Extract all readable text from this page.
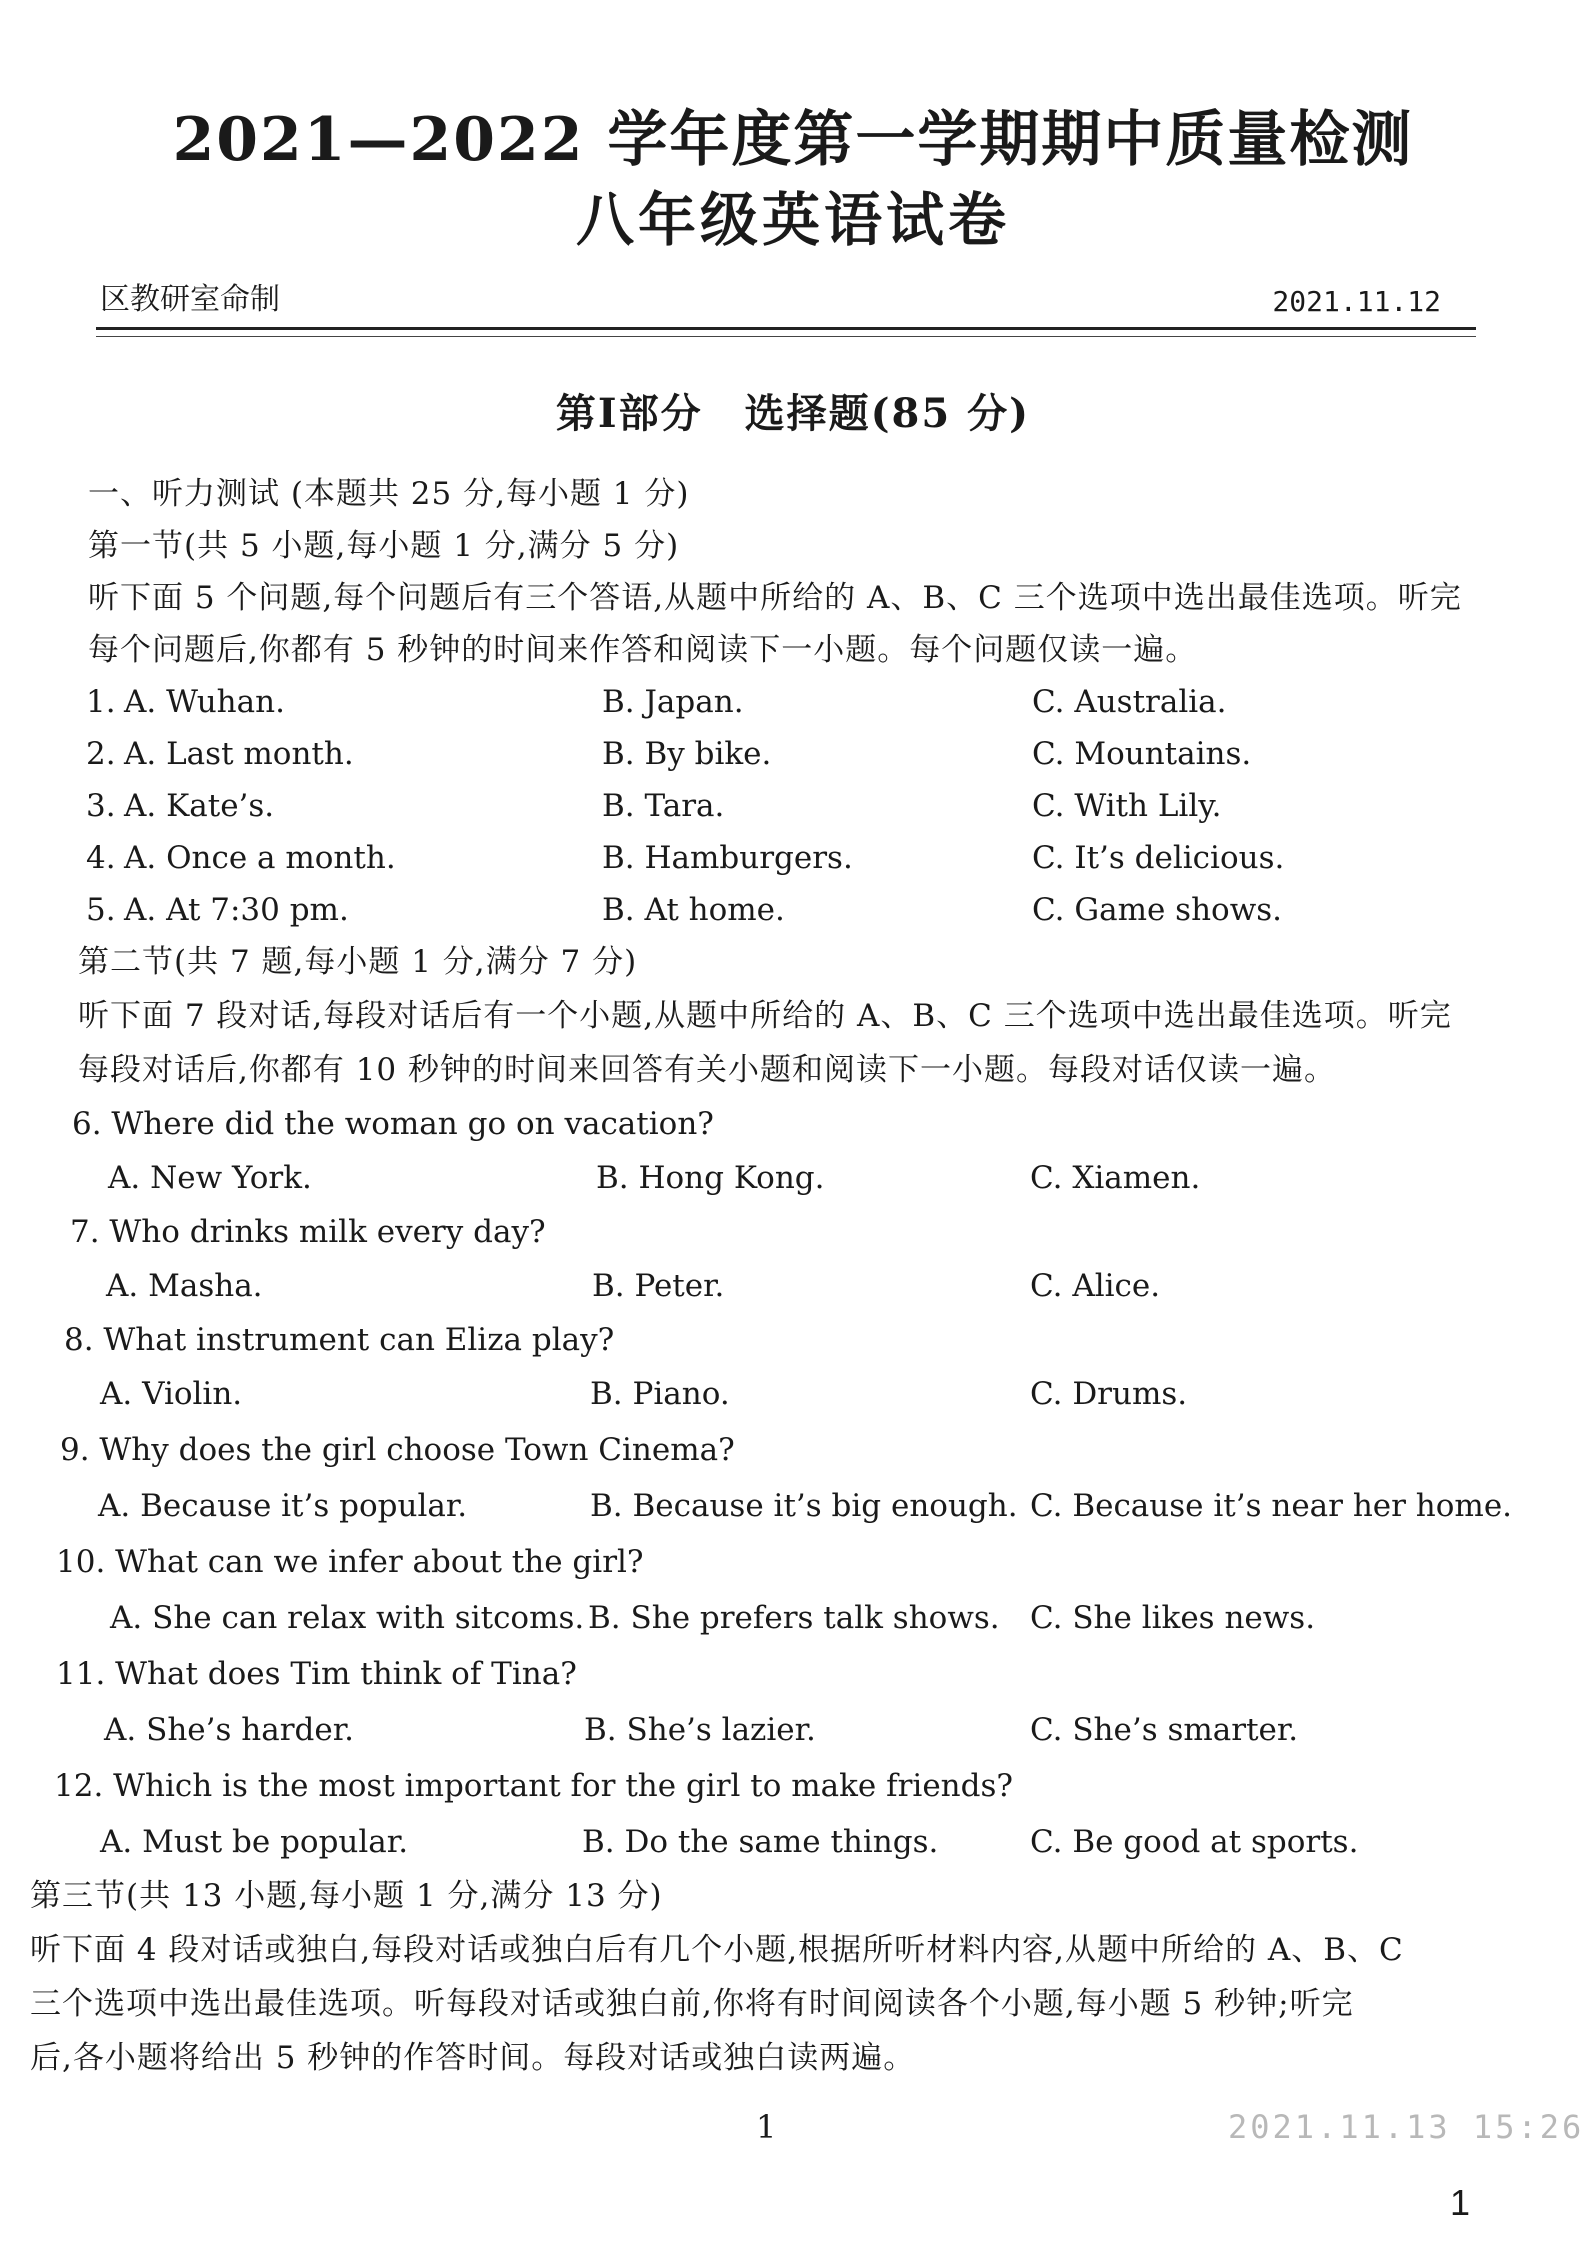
2021—2022 学年度第一学期期中质量检测
八年级英语试卷
区教研室命制	2021.11.12
第Ⅰ部分　选择题(85 分)
一、听力测试 (本题共 25 分,每小题 1 分)
第一节(共 5 小题,每小题 1 分,满分 5 分)
听下面 5 个问题,每个问题后有三个答语,从题中所给的 A、B、C 三个选项中选出最佳选项。听完
每个问题后,你都有 5 秒钟的时间来作答和阅读下一小题。每个问题仅读一遍。
1. A. Wuhan.	B. Japan.	C. Australia.
2. A. Last month.	B. By bike.	C. Mountains.
3. A. Kate’s.	B. Tara.	C. With Lily.
4. A. Once a month.	B. Hamburgers.	C. It’s delicious.
5. A. At 7:30 pm.	B. At home.	C. Game shows.
第二节(共 7 题,每小题 1 分,满分 7 分)
听下面 7 段对话,每段对话后有一个小题,从题中所给的 A、B、C 三个选项中选出最佳选项。听完
每段对话后,你都有 10 秒钟的时间来回答有关小题和阅读下一小题。每段对话仅读一遍。
6. Where did the woman go on vacation?
A. New York.	B. Hong Kong.	C. Xiamen.
7. Who drinks milk every day?
A. Masha.	B. Peter.	C. Alice.
8. What instrument can Eliza play?
A. Violin.	B. Piano.	C. Drums.
9. Why does the girl choose Town Cinema?
A. Because it’s popular.	B. Because it’s big enough. C. Because it’s near her home.
10. What can we infer about the girl?
A. She can relax with sitcoms. B. She prefers talk shows. C. She likes news.
11. What does Tim think of Tina?
A. She’s harder.	B. She’s lazier.	C. She’s smarter.
12. Which is the most important for the girl to make friends?
A. Must be popular.	B. Do the same things.	C. Be good at sports.
第三节(共 13 小题,每小题 1 分,满分 13 分)
听下面 4 段对话或独白,每段对话或独白后有几个小题,根据所听材料内容,从题中所给的 A、B、C
三个选项中选出最佳选项。听每段对话或独白前,你将有时间阅读各个小题,每小题 5 秒钟;听完
后,各小题将给出 5 秒钟的作答时间。每段对话或独白读两遍。
1	2021.11.13 15:26
1
